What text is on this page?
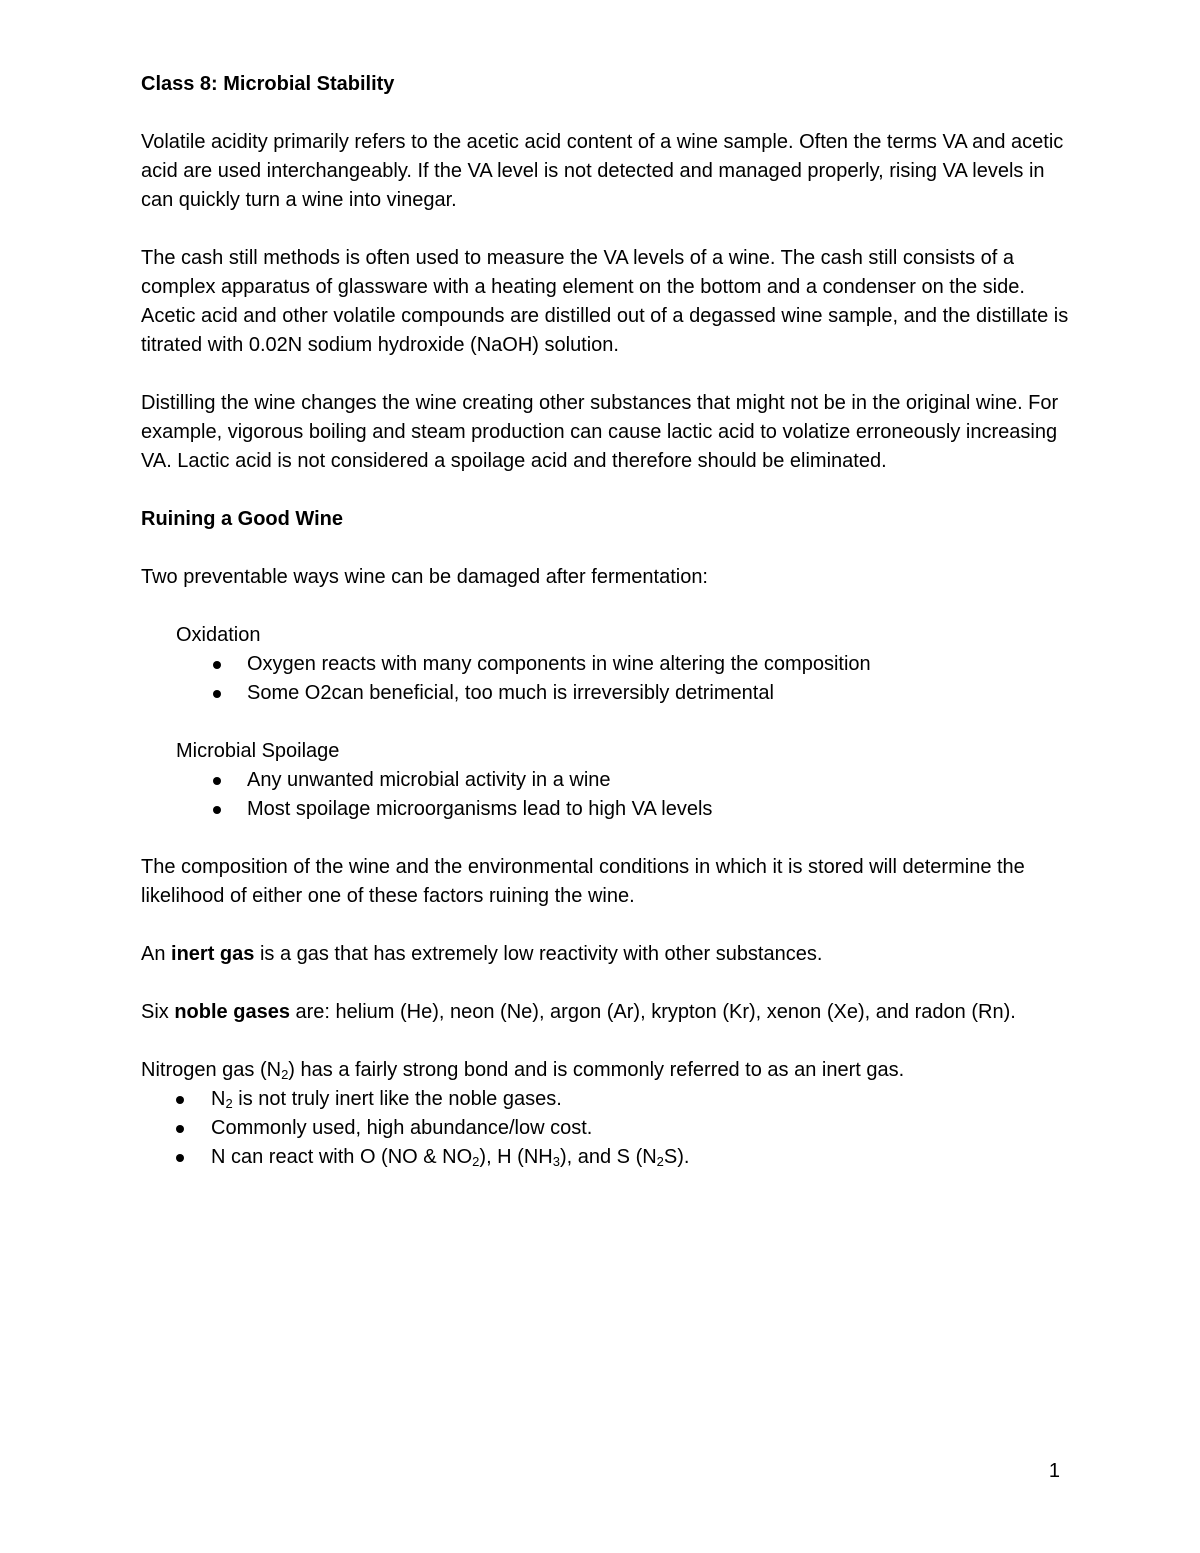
Class 8: Microbial Stability

Volatile acidity primarily refers to the acetic acid content of a wine sample. Often the terms VA and acetic acid are used interchangeably. If the VA level is not detected and managed properly, rising VA levels in can quickly turn a wine into vinegar.

The cash still methods is often used to measure the VA levels of a wine. The cash still consists of a complex apparatus of glassware with a heating element on the bottom and a condenser on the side. Acetic acid and other volatile compounds are distilled out of a degassed wine sample, and the distillate is titrated with 0.02N sodium hydroxide (NaOH) solution.

Distilling the wine changes the wine creating other substances that might not be in the original wine. For example, vigorous boiling and steam production can cause lactic acid to volatize erroneously increasing VA. Lactic acid is not considered a spoilage acid and therefore should be eliminated.

Ruining a Good Wine

Two preventable ways wine can be damaged after fermentation:

Oxidation

Oxygen reacts with many components in wine altering the composition
Some O2can beneficial, too much is irreversibly detrimental

Microbial Spoilage

Any unwanted microbial activity in a wine
Most spoilage microorganisms lead to high VA levels

The composition of the wine and the environmental conditions in which it is stored will determine the likelihood of either one of these factors ruining the wine.

An inert gas is a gas that has extremely low reactivity with other substances.

Six noble gases are: helium (He), neon (Ne), argon (Ar), krypton (Kr), xenon (Xe), and radon (Rn).

Nitrogen gas $(N_2)$ has a fairly strong bond and is commonly referred to as an inert gas.

$N_2$ is not truly inert like the noble gases.
Commonly used, high abundance/low cost.
N can react with O (NO & $NO_2$), H $(NH_3)$, and S $(N_2S)$.
1
